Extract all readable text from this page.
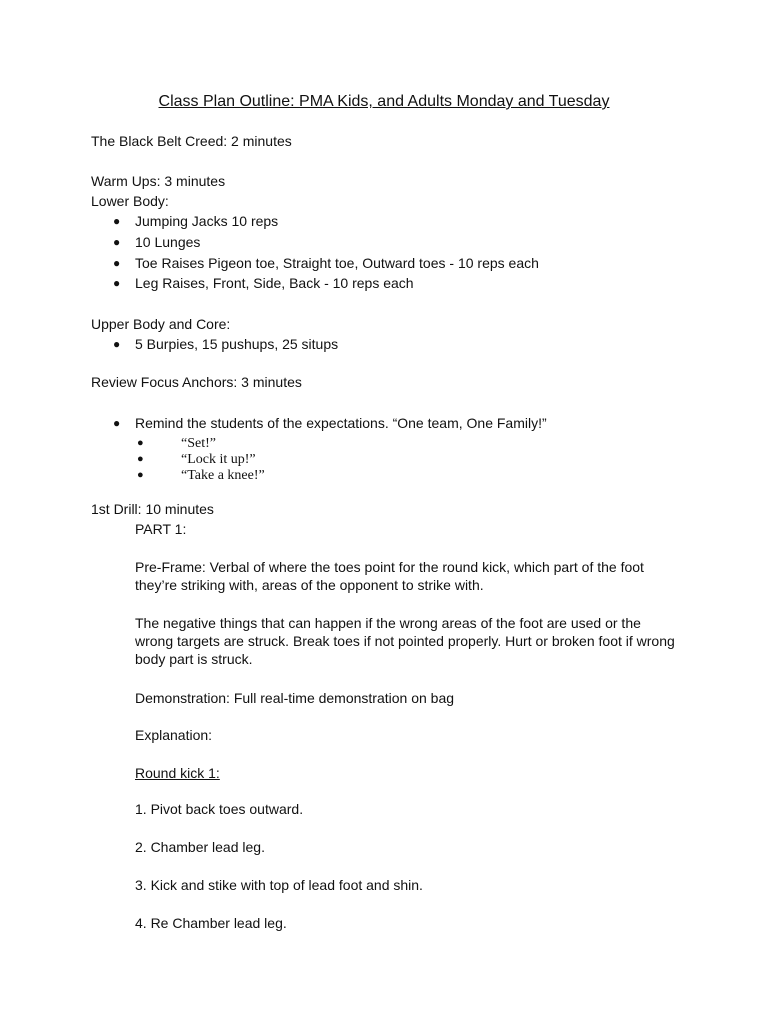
Class Plan Outline: PMA Kids, and Adults Monday and Tuesday
The Black Belt Creed: 2 minutes
Warm Ups: 3 minutes
Lower Body:
● Jumping Jacks 10 reps
● 10 Lunges
● Toe Raises Pigeon toe, Straight toe, Outward toes - 10 reps each
● Leg Raises, Front, Side, Back - 10 reps each
Upper Body and Core:
● 5 Burpies, 15 pushups, 25 situps
Review Focus Anchors: 3 minutes
● Remind the students of the expectations. “One team, One Family!”
●	“Set!”
●	“Lock it up!”
●	“Take a knee!”
1st Drill: 10 minutes
PART 1:
Pre-Frame: Verbal of where the toes point for the round kick, which part of the foot they’re striking with, areas of the opponent to strike with.
The negative things that can happen if the wrong areas of the foot are used or the wrong targets are struck. Break toes if not pointed properly. Hurt or broken foot if wrong body part is struck.
Demonstration: Full real-time demonstration on bag
Explanation:
Round kick 1:
1. Pivot back toes outward.
2. Chamber lead leg.
3. Kick and stike with top of lead foot and shin.
4. Re Chamber lead leg.
